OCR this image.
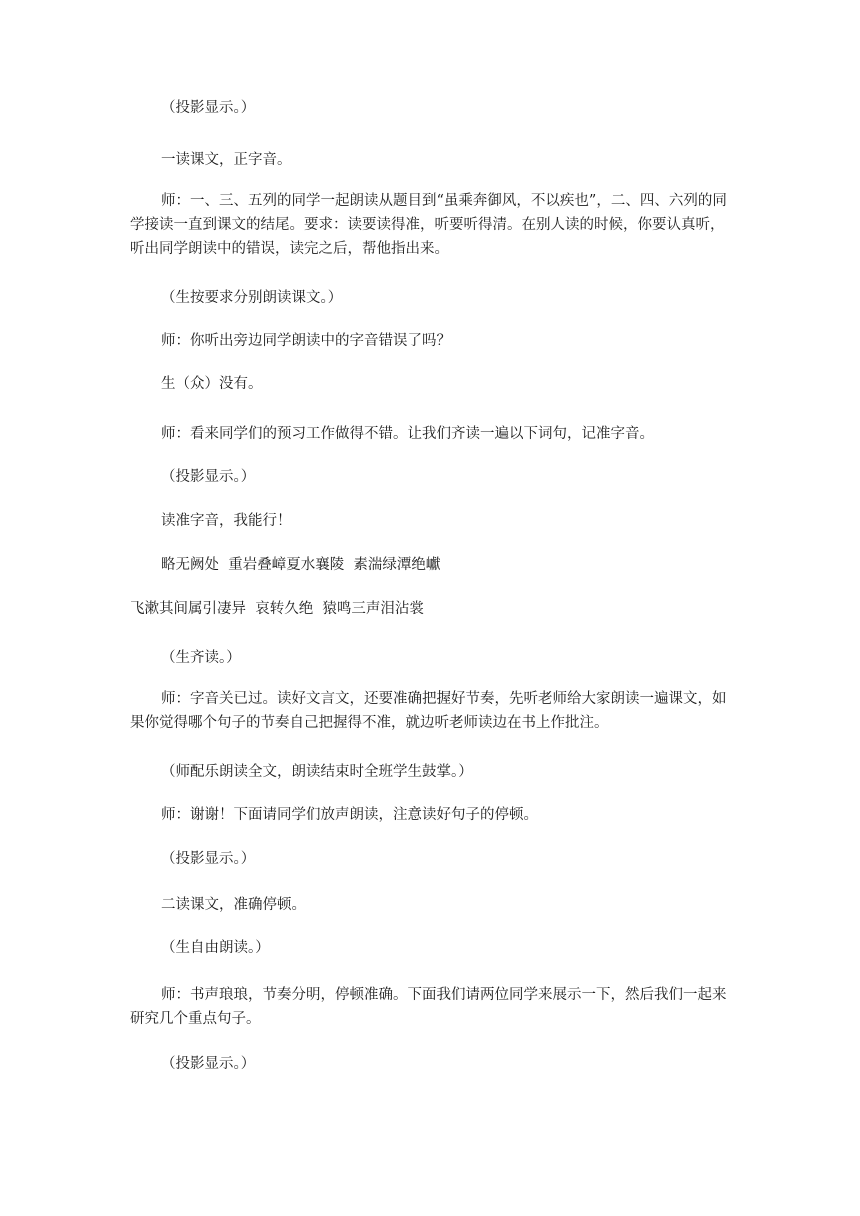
（投影显示。）

一读课文，正字音。

师：一、三、五列的同学一起朗读从题目到“虽乘奔御风，不以疾也”，二、四、六列的同学接读一直到课文的结尾。要求：读要读得准，听要听得清。在别人读的时候，你要认真听，听出同学朗读中的错误，读完之后，帮他指出来。

（生按要求分别朗读课文。）

师：你听出旁边同学朗读中的字音错误了吗？

生（众）没有。

师：看来同学们的预习工作做得不错。让我们齐读一遍以下词句，记准字音。

（投影显示。）

读准字音，我能行！

略无阙处  重岩叠嶂夏水襄陵  素湍绿潭绝巘

飞漱其间属引凄异  哀转久绝  猿鸣三声泪沾裳

（生齐读。）

师：字音关已过。读好文言文，还要准确把握好节奏，先听老师给大家朗读一遍课文，如果你觉得哪个句子的节奏自己把握得不准，就边听老师读边在书上作批注。

（师配乐朗读全文，朗读结束时全班学生鼓掌。）

师：谢谢！下面请同学们放声朗读，注意读好句子的停顿。

（投影显示。）

二读课文，准确停顿。

（生自由朗读。）

师：书声琅琅，节奏分明，停顿准确。下面我们请两位同学来展示一下，然后我们一起来研究几个重点句子。

（投影显示。）
